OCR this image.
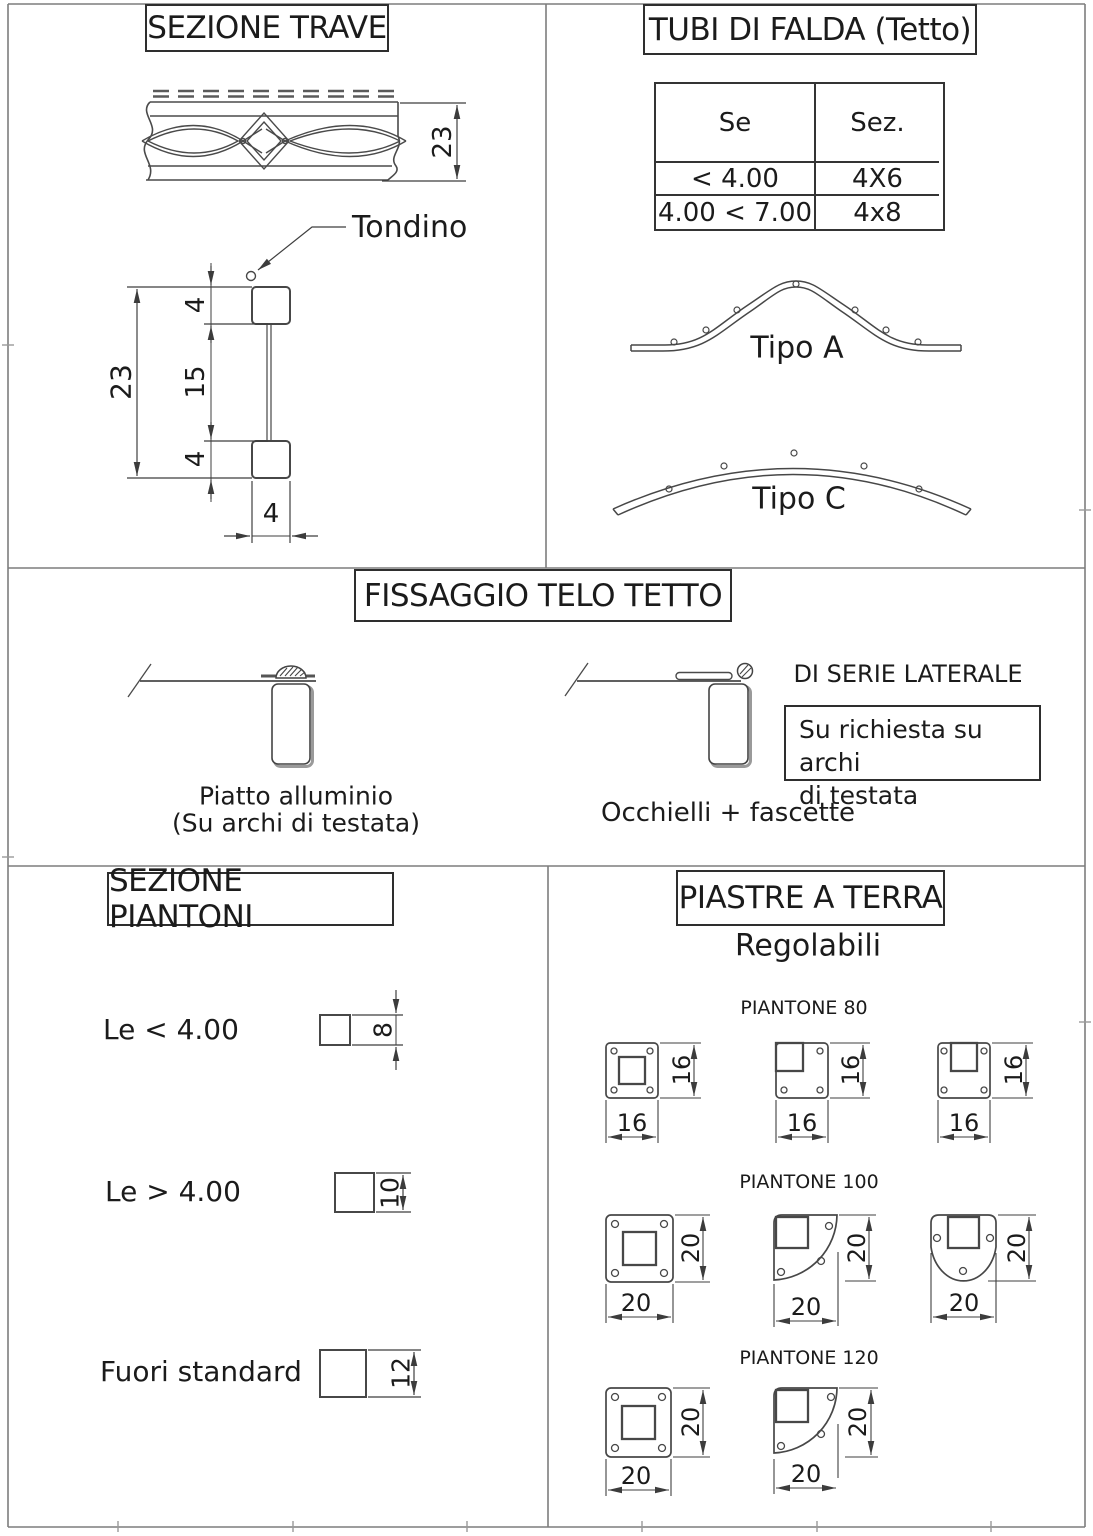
SEZIONE TRAVE	TUBI DI FALDA (Tetto)
FISSAGGIO TELO TETTO
SEZIONE PIANTONI
PIASTRE A TERRA
23
Tondino
23
4
15
4
4
Se	Sez.
< 4.00	4X6
4.00 < 7.00	4x8
Tipo A
Tipo C
Piatto alluminio
(Su archi di testata)
DI SERIE LATERALE
Su richiesta su archi
di testata
Occhielli + fascette
Le < 4.00
Le > 4.00
Fuori standard
8
10
12
Regolabili
PIANTONE 80
PIANTONE 100
PIANTONE 120
16
16
16
16
16
16
20
20
20
20
20
20
20
20
20
20
